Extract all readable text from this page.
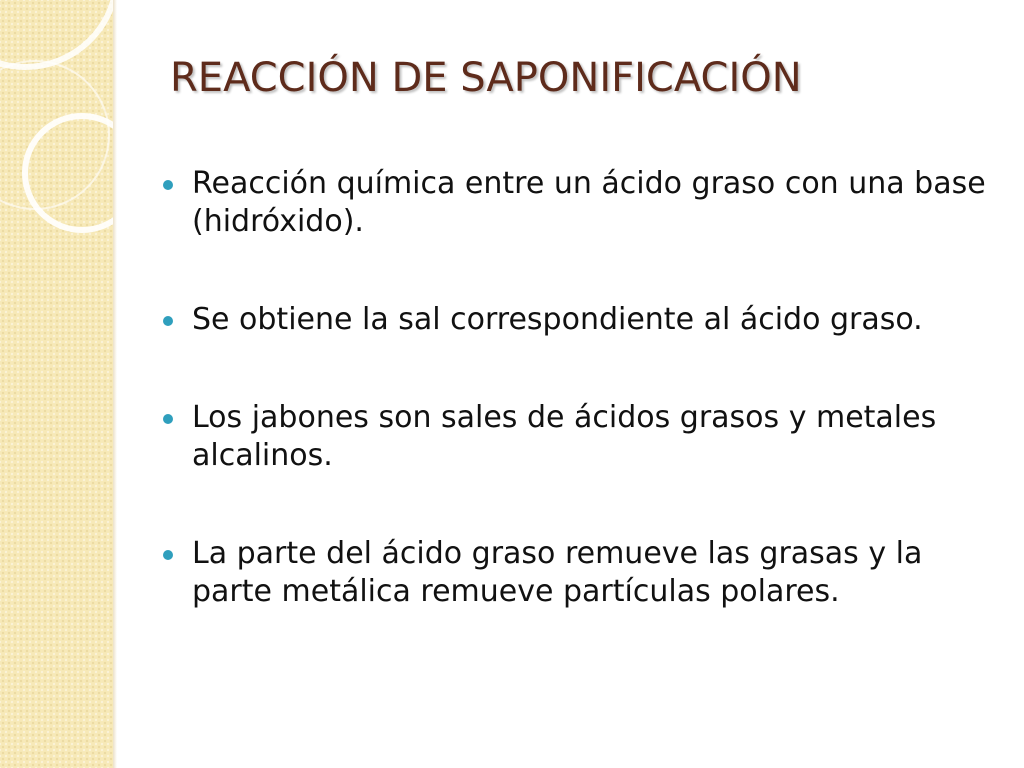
REACCIÓN DE SAPONIFICACIÓN
Reacción química entre un ácido graso con una base (hidróxido).
Se obtiene la sal correspondiente al ácido graso.
Los jabones son sales de ácidos grasos y metales alcalinos.
La parte del ácido graso remueve las grasas y la parte metálica remueve partículas polares.
